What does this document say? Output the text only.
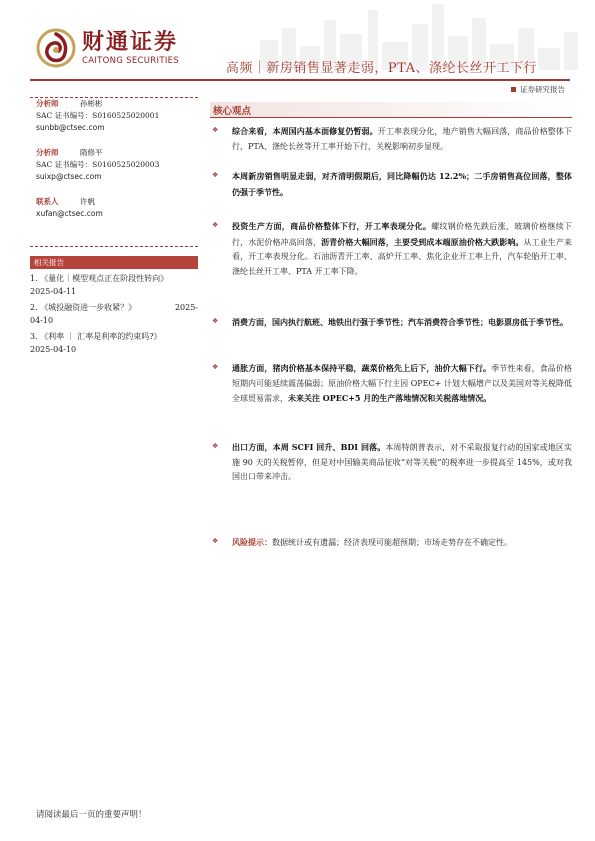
财通证券
CAITONG SECURITIES
高频｜新房销售显著走弱，PTA、涤纶长丝开工下行
证券研究报告
分析师	孙彬彬
SAC 证书编号：S0160525020001
sunbb@ctsec.com
分析师	隋修平
SAC 证书编号：S0160525020003
suixp@ctsec.com
联系人	许帆
xufan@ctsec.com
相关报告
1. 《量化｜模型观点正在阶段性转向》
2025-04-11
2. 《城投融资进一步收紧？》	2025-
04-10
3. 《利率 ｜ 汇率是利率的约束吗?》
2025-04-10
核心观点
❖	综合来看，本周国内基本面修复仍暂弱。开工率表现分化，地产销售大幅回落，商品价格整体下行，PTA、涤纶长丝等开工率开始下行，关税影响初步显现。
❖	本周新房销售明显走弱，对齐清明假期后，同比降幅仍达 12.2%；二手房销售高位回落，整体仍强于季节性。
❖	投资生产方面，商品价格整体下行，开工率表现分化。螺纹钢价格先跌后涨，玻璃价格继续下行，水泥价格冲高回落，沥青价格大幅回落，主要受到成本端原油价格大跌影响。从工业生产来看，开工率表现分化。石油沥青开工率、高炉开工率、焦化企业开工率上升，汽车轮胎开工率、涤纶长丝开工率、PTA 开工率下降。
❖	消费方面，国内执行航班、地铁出行强于季节性；汽车消费符合季节性；电影票房低于季节性。
❖	通胀方面，猪肉价格基本保持平稳，蔬菜价格先上后下，油价大幅下行。季节性来看，食品价格短期内可能延续震荡偏弱；原油价格大幅下行主因 OPEC+ 计划大幅增产以及美国对等关税降低全球贸易需求，未来关注 OPEC+5 月的生产落地情况和关税落地情况。
❖	出口方面，本周 SCFI 回升、BDI 回落。本周特朗普表示，对不采取报复行动的国家或地区实施 90 天的关税暂停，但是对中国输美商品征收“对等关税”的税率进一步提高至 145%，或对我国出口带来冲击。
❖	风险提示：数据统计或有遗漏；经济表现可能超预期；市场走势存在不确定性。
请阅读最后一页的重要声明！
